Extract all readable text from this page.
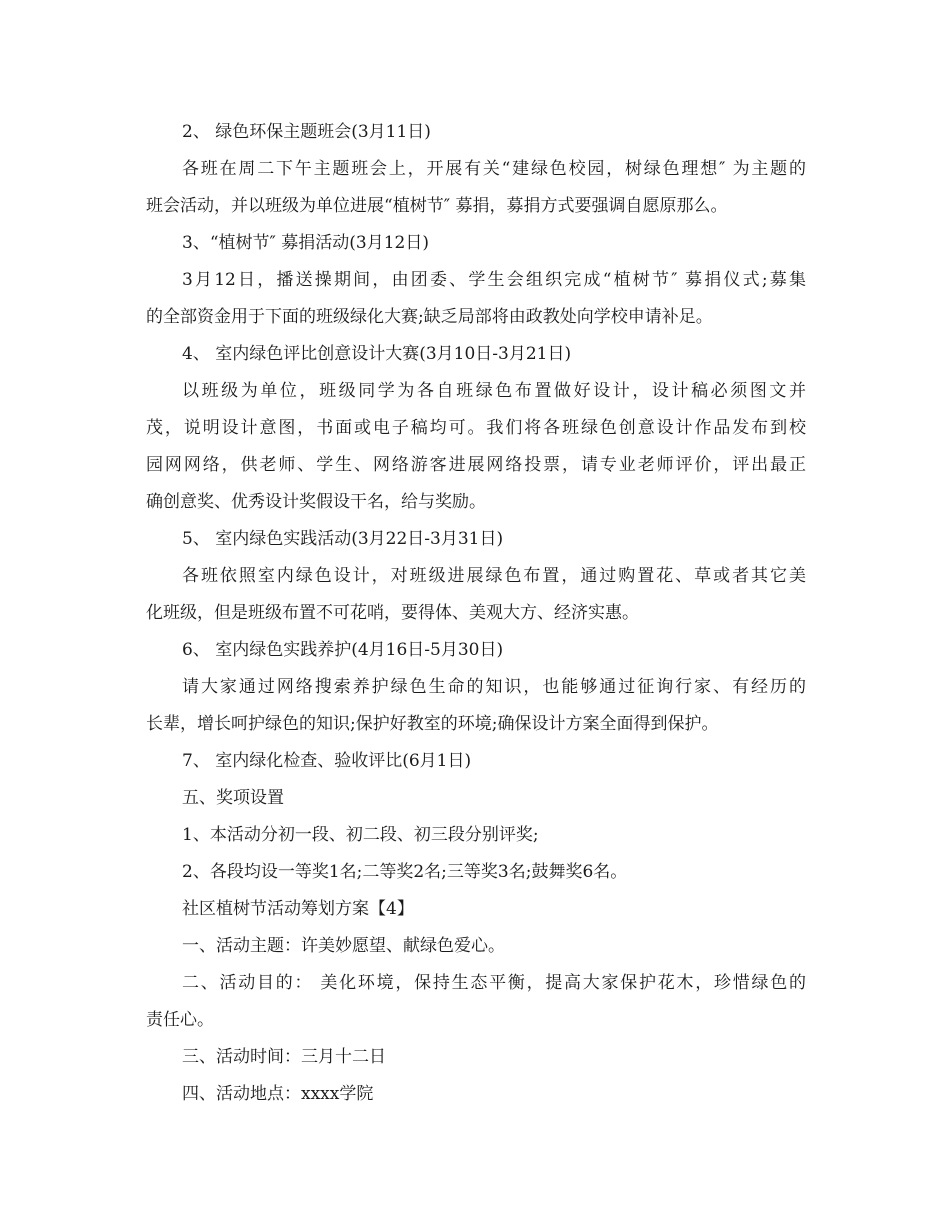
2、 绿色环保主题班会(3月11日)
各班在周二下午主题班会上，开展有关“建绿色校园，树绿色理想″ 为主题的
班会活动，并以班级为单位进展“植树节″ 募捐，募捐方式要强调自愿原那么。
3、“植树节″ 募捐活动(3月12日)
3月12日，播送操期间，由团委、学生会组织完成“植树节″ 募捐仪式;募集
的全部资金用于下面的班级绿化大赛;缺乏局部将由政教处向学校申请补足。
4、 室内绿色评比创意设计大赛(3月10日-3月21日)
以班级为单位，班级同学为各自班绿色布置做好设计，设计稿必须图文并
茂，说明设计意图，书面或电子稿均可。我们将各班绿色创意设计作品发布到校
园网网络，供老师、学生、网络游客进展网络投票，请专业老师评价，评出最正
确创意奖、优秀设计奖假设干名，给与奖励。
5、 室内绿色实践活动(3月22日-3月31日)
各班依照室内绿色设计，对班级进展绿色布置，通过购置花、草或者其它美
化班级，但是班级布置不可花哨，要得体、美观大方、经济实惠。
6、 室内绿色实践养护(4月16日-5月30日)
请大家通过网络搜索养护绿色生命的知识，也能够通过征询行家、有经历的
长辈，增长呵护绿色的知识;保护好教室的环境;确保设计方案全面得到保护。
7、 室内绿化检查、验收评比(6月1日)
五、奖项设置
1、本活动分初一段、初二段、初三段分别评奖;
2、各段均设一等奖1名;二等奖2名;三等奖3名;鼓舞奖6名。
社区植树节活动筹划方案【4】
一、活动主题：许美妙愿望、献绿色爱心。
二、活动目的： 美化环境，保持生态平衡，提高大家保护花木，珍惜绿色的
责任心。
三、活动时间：三月十二日
四、活动地点：xxxx学院
